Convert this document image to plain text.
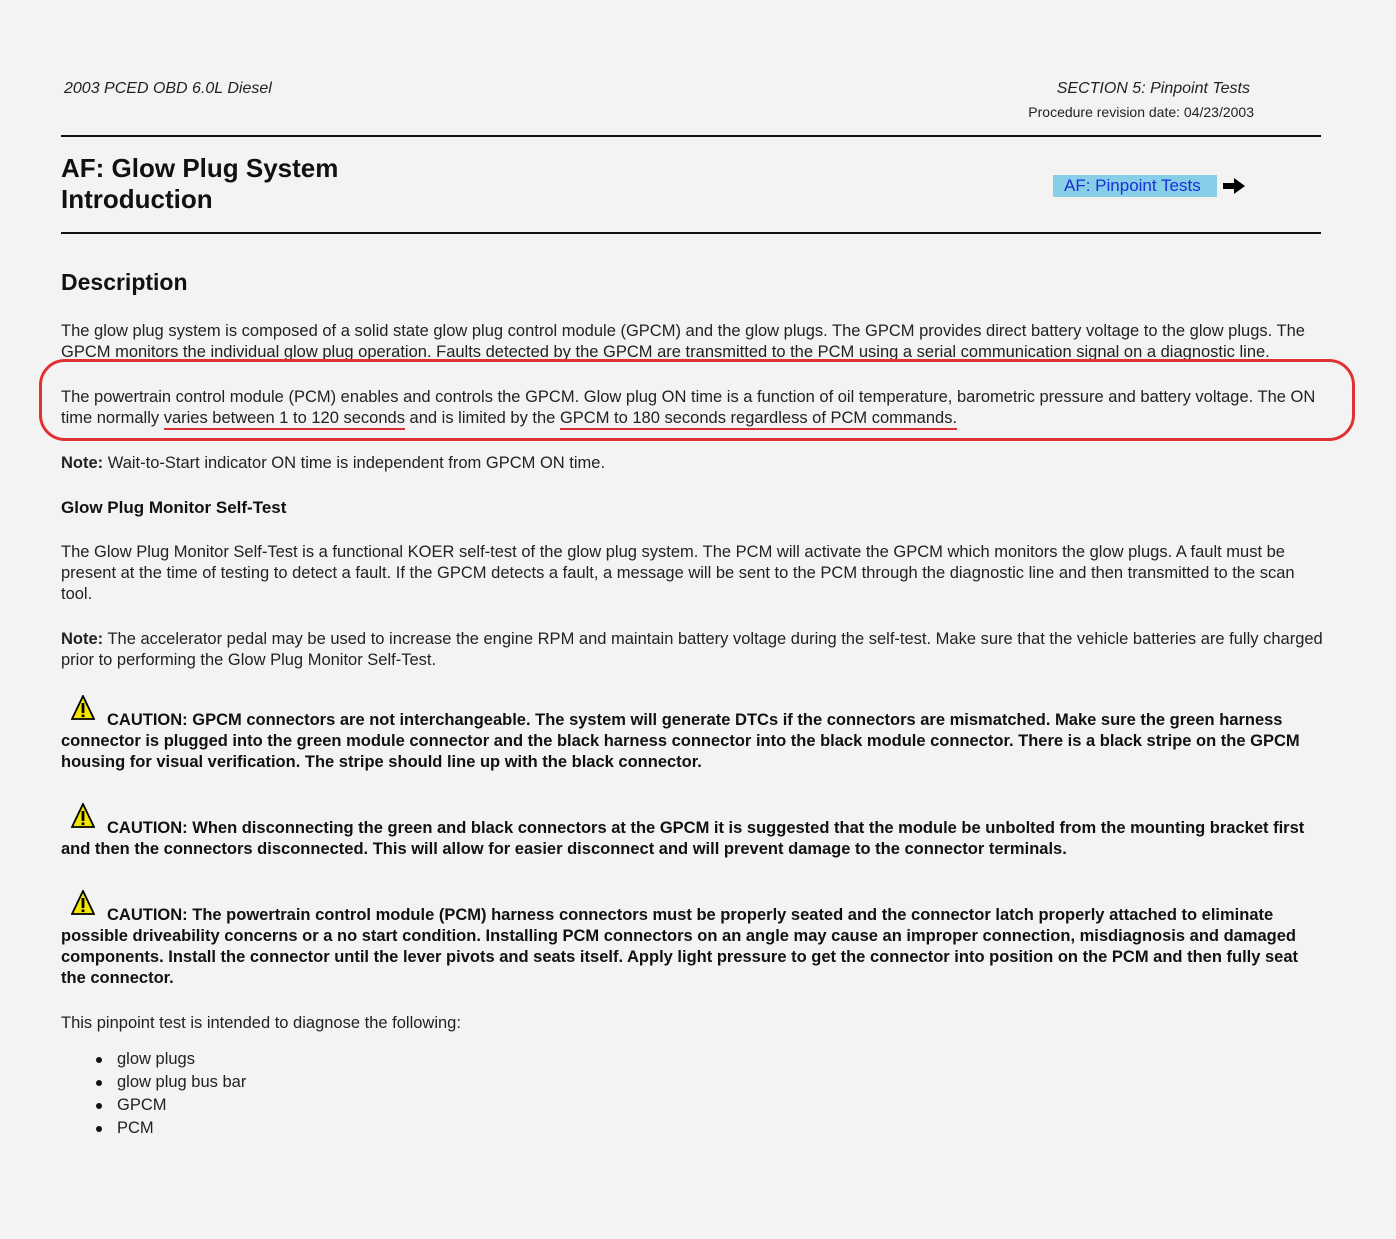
2003 PCED OBD 6.0L Diesel	SECTION 5: Pinpoint Tests
Procedure revision date: 04/23/2003
AF: Glow Plug System
Introduction	AF: Pinpoint Tests
Description

The glow plug system is composed of a solid state glow plug control module (GPCM) and the glow plugs. The GPCM provides direct battery voltage to the glow plugs. The GPCM monitors the individual glow plug operation. Faults detected by the GPCM are transmitted to the PCM using a serial communication signal on a diagnostic line.

The powertrain control module (PCM) enables and controls the GPCM. Glow plug ON time is a function of oil temperature, barometric pressure and battery voltage. The ON time normally varies between 1 to 120 seconds and is limited by the GPCM to 180 seconds regardless of PCM commands.

Note: Wait-to-Start indicator ON time is independent from GPCM ON time.

Glow Plug Monitor Self-Test

The Glow Plug Monitor Self-Test is a functional KOER self-test of the glow plug system. The PCM will activate the GPCM which monitors the glow plugs. A fault must be present at the time of testing to detect a fault. If the GPCM detects a fault, a message will be sent to the PCM through the diagnostic line and then transmitted to the scan tool.

Note: The accelerator pedal may be used to increase the engine RPM and maintain battery voltage during the self-test. Make sure that the vehicle batteries are fully charged prior to performing the Glow Plug Monitor Self-Test.

CAUTION: GPCM connectors are not interchangeable. The system will generate DTCs if the connectors are mismatched. Make sure the green harness connector is plugged into the green module connector and the black harness connector into the black module connector. There is a black stripe on the GPCM housing for visual verification. The stripe should line up with the black connector.

CAUTION: When disconnecting the green and black connectors at the GPCM it is suggested that the module be unbolted from the mounting bracket first and then the connectors disconnected. This will allow for easier disconnect and will prevent damage to the connector terminals.

CAUTION: The powertrain control module (PCM) harness connectors must be properly seated and the connector latch properly attached to eliminate possible driveability concerns or a no start condition. Installing PCM connectors on an angle may cause an improper connection, misdiagnosis and damaged components. Install the connector until the lever pivots and seats itself. Apply light pressure to get the connector into position on the PCM and then fully seat the connector.

This pinpoint test is intended to diagnose the following:

glow plugs
glow plug bus bar
GPCM
PCM
